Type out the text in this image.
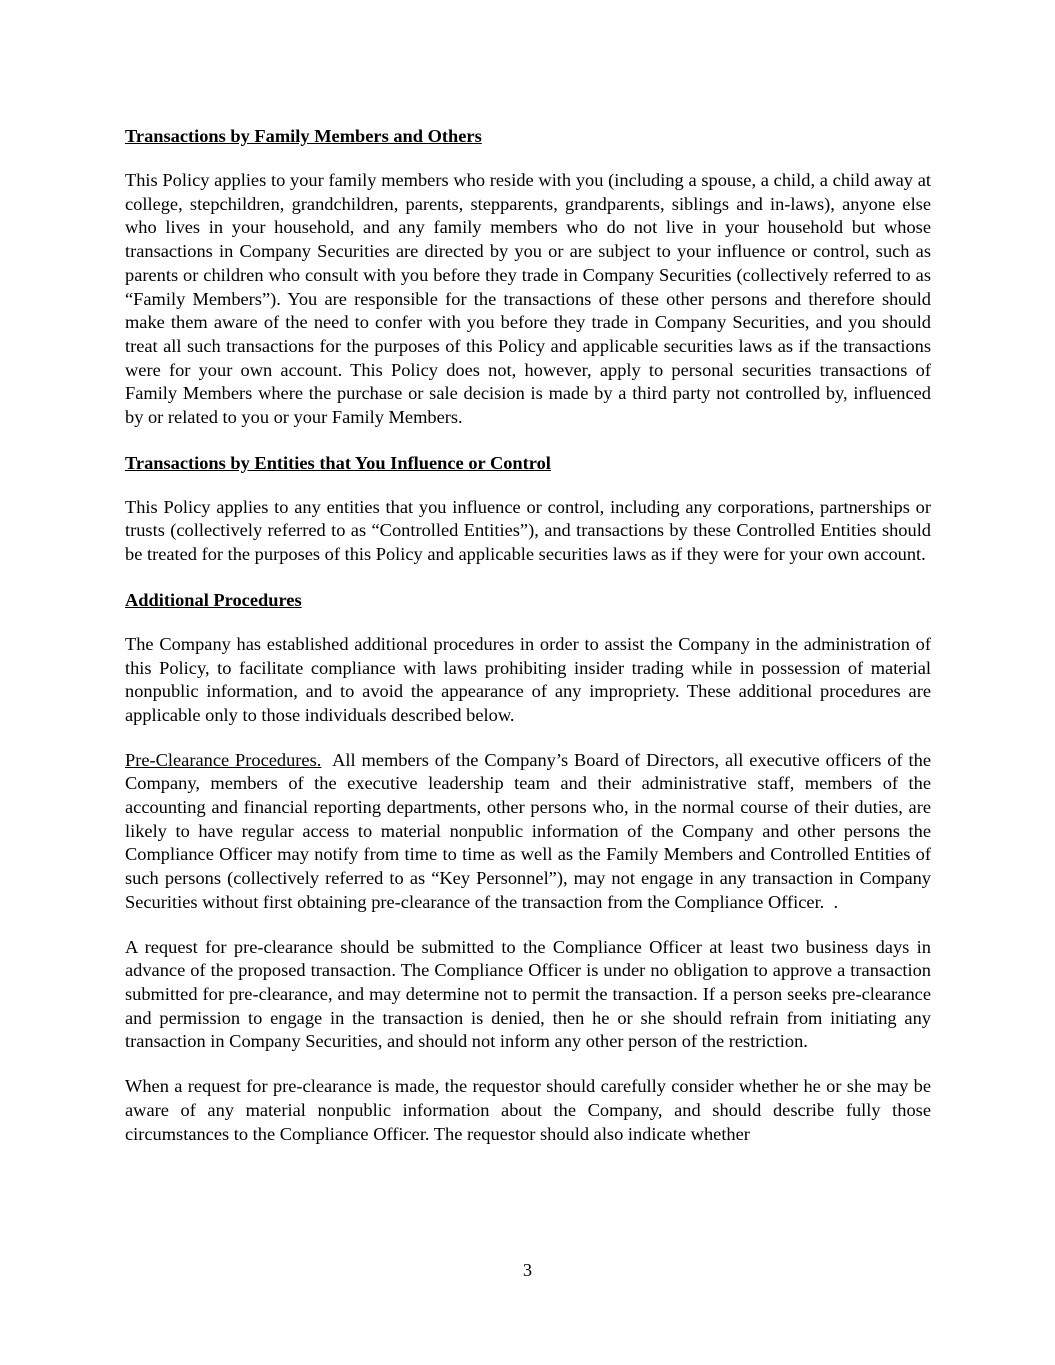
Transactions by Family Members and Others

This Policy applies to your family members who reside with you (including a spouse, a child, a child away at college, stepchildren, grandchildren, parents, stepparents, grandparents, siblings and in-laws), anyone else who lives in your household, and any family members who do not live in your household but whose transactions in Company Securities are directed by you or are subject to your influence or control, such as parents or children who consult with you before they trade in Company Securities (collectively referred to as “Family Members”). You are responsible for the transactions of these other persons and therefore should make them aware of the need to confer with you before they trade in Company Securities, and you should treat all such transactions for the purposes of this Policy and applicable securities laws as if the transactions were for your own account. This Policy does not, however, apply to personal securities transactions of Family Members where the purchase or sale decision is made by a third party not controlled by, influenced by or related to you or your Family Members.

Transactions by Entities that You Influence or Control

This Policy applies to any entities that you influence or control, including any corporations, partnerships or trusts (collectively referred to as “Controlled Entities”), and transactions by these Controlled Entities should be treated for the purposes of this Policy and applicable securities laws as if they were for your own account.

Additional Procedures

The Company has established additional procedures in order to assist the Company in the administration of this Policy, to facilitate compliance with laws prohibiting insider trading while in possession of material nonpublic information, and to avoid the appearance of any impropriety. These additional procedures are applicable only to those individuals described below.

Pre-Clearance Procedures.  All members of the Company’s Board of Directors, all executive officers of the Company, members of the executive leadership team and their administrative staff, members of the accounting and financial reporting departments, other persons who, in the normal course of their duties, are likely to have regular access to material nonpublic information of the Company and other persons the Compliance Officer may notify from time to time as well as the Family Members and Controlled Entities of such persons (collectively referred to as “Key Personnel”), may not engage in any transaction in Company Securities without first obtaining pre-clearance of the transaction from the Compliance Officer.  .

A request for pre-clearance should be submitted to the Compliance Officer at least two business days in advance of the proposed transaction. The Compliance Officer is under no obligation to approve a transaction submitted for pre-clearance, and may determine not to permit the transaction. If a person seeks pre-clearance and permission to engage in the transaction is denied, then he or she should refrain from initiating any transaction in Company Securities, and should not inform any other person of the restriction.

When a request for pre-clearance is made, the requestor should carefully consider whether he or she may be aware of any material nonpublic information about the Company, and should describe fully those circumstances to the Compliance Officer. The requestor should also indicate whether

3
